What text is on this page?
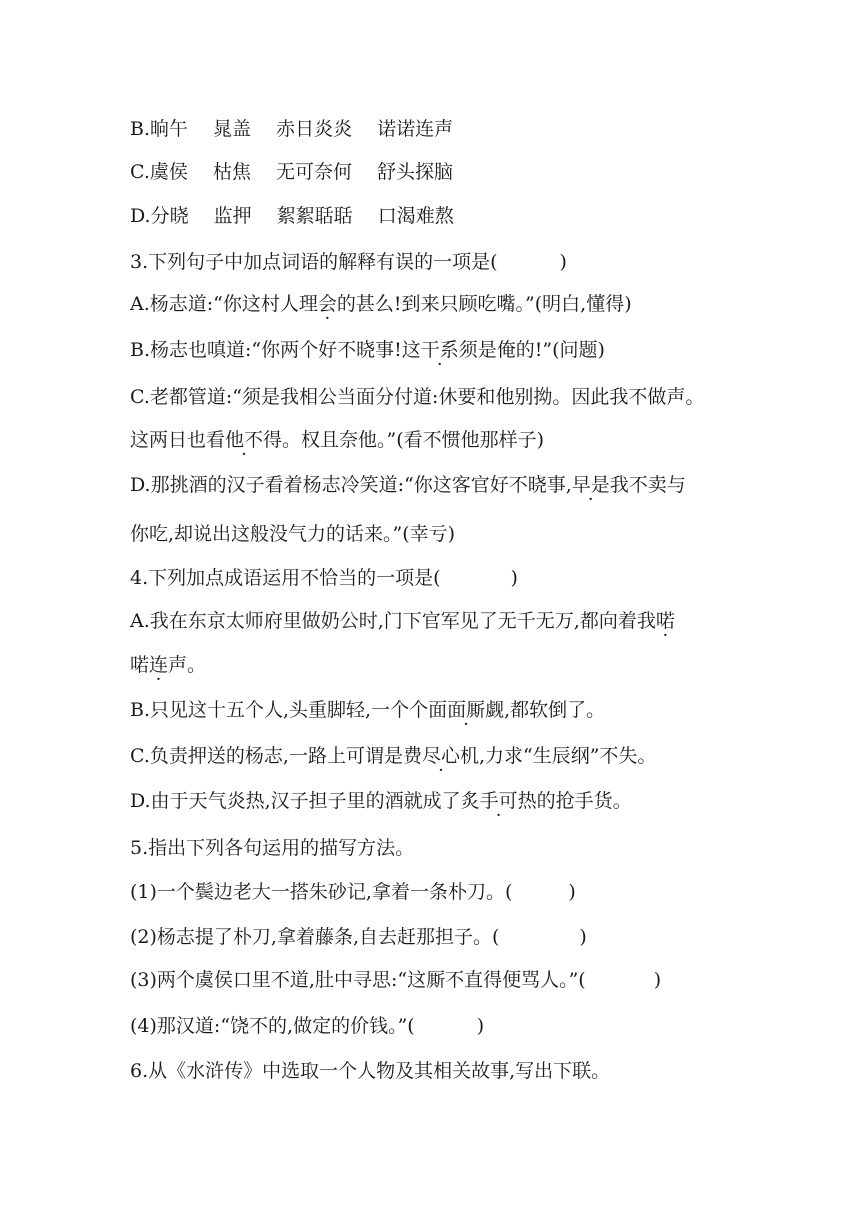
B.晌午　 晁盖　 赤日炎炎　 诺诺连声
C.虞侯　 枯焦　 无可奈何　 舒头探脑
D.分晓　 监押　 絮絮聒聒　 口渴难熬
3.下列句子中加点词语的解释有误的一项是(	)
A.杨志道:“你这村人理会的甚么!到来只顾吃嘴。”(明白,懂得)
B.杨志也嗔道:“你两个好不晓事!这干系须是俺的!”(问题)
C.老都管道:“须是我相公当面分付道:休要和他别拗。因此我不做声。
这两日也看他不得。权且奈他。”(看不惯他那样子)
D.那挑酒的汉子看着杨志冷笑道:“你这客官好不晓事,早是我不卖与
你吃,却说出这般没气力的话来。”(幸亏)
4.下列加点成语运用不恰当的一项是(	)
A.我在东京太师府里做奶公时,门下官军见了无千无万,都向着我喏
喏连声。
B.只见这十五个人,头重脚轻,一个个面面厮觑,都软倒了。
C.负责押送的杨志,一路上可谓是费尽心机,力求“生辰纲”不失。
D.由于天气炎热,汉子担子里的酒就成了炙手可热的抢手货。
5.指出下列各句运用的描写方法。
(1)一个鬓边老大一搭朱砂记,拿着一条朴刀。(	)
(2)杨志提了朴刀,拿着藤条,自去赶那担子。(	)
(3)两个虞侯口里不道,肚中寻思:“这厮不直得便骂人。”(	)
(4)那汉道:“饶不的,做定的价钱。”(	)
6.从《水浒传》中选取一个人物及其相关故事,写出下联。
